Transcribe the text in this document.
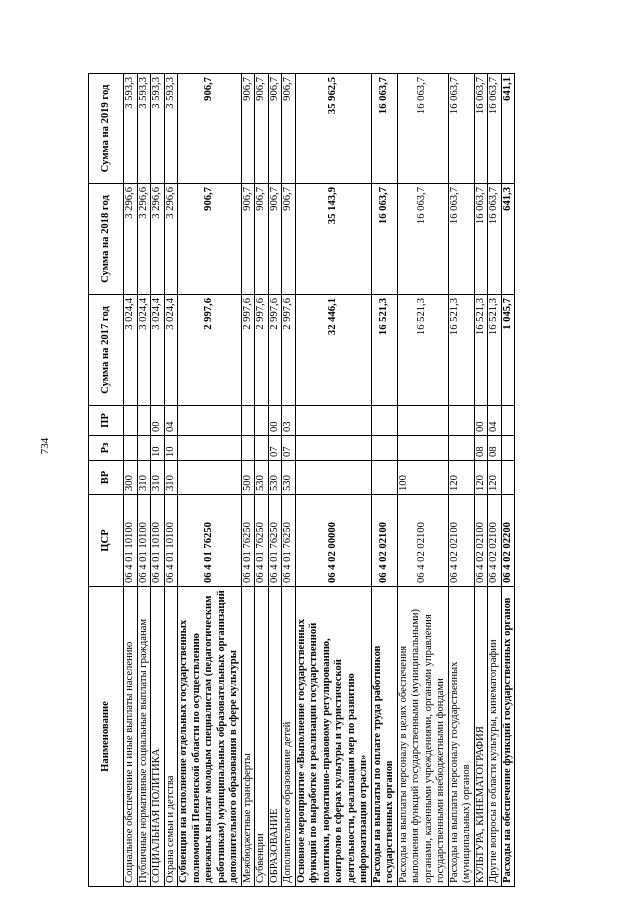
734
Наименование	ЦСР	ВР	Рз	ПР	Сумма на 2017 год	Сумма на 2018 год	Сумма на 2019 год
Социальное обеспечение и иные выплаты населению	06 4 01 10100	300			3 024,4	3 296,6	3 593,3
Публичные нормативные социальные выплаты гражданам	06 4 01 10100	310			3 024,4	3 296,6	3 593,3
СОЦИАЛЬНАЯ ПОЛИТИКА	06 4 01 10100	310	10	00	3 024,4	3 296,6	3 593,3
Охрана семьи и детства	06 4 01 10100	310	10	04	3 024,4	3 296,6	3 593,3
Субвенция на исполнение отдельных государственных полномочий Пензенской области по осуществлению денежных выплат молодым специалистам (педагогическим работникам) муниципальных образовательных организаций дополнительного образования в сфере культуры	06 4 01 76250				2 997,6	906,7	906,7
Межбюджетные трансферты	06 4 01 76250	500			2 997,6	906,7	906,7
Субвенции	06 4 01 76250	530			2 997,6	906,7	906,7
ОБРАЗОВАНИЕ	06 4 01 76250	530	07	00	2 997,6	906,7	906,7
Дополнительное образование детей	06 4 01 76250	530	07	03	2 997,6	906,7	906,7
Основное мероприятие «Выполнение государственных функций по выработке и реализации государственной политики, нормативно-правовому регулированию, контролю в сферах культуры и туристической деятельности, реализации мер по развитию информатизации отрасли»	06 4 02 00000				32 446,1	35 143,9	35 962,5
Расходы на выплаты по оплате труда работников государственных органов	06 4 02 02100				16 521,3	16 063,7	16 063,7
Расходы на выплаты персоналу в целях обеспечения выполнения функций государственными (муниципальными) органами, казенными учреждениями, органами управления государственными внебюджетными фондами	06 4 02 02100	100			16 521,3	16 063,7	16 063,7
Расходы на выплаты персоналу государственных (муниципальных) органов	06 4 02 02100	120			16 521,3	16 063,7	16 063,7
КУЛЬТУРА, КИНЕМАТОГРАФИЯ	06 4 02 02100	120	08	00	16 521,3	16 063,7	16 063,7
Другие вопросы в области культуры, кинематографии	06 4 02 02100	120	08	04	16 521,3	16 063,7	16 063,7
Расходы на обеспечение функций государственных органов	06 4 02 02200				1 045,7	641,3	641,1
